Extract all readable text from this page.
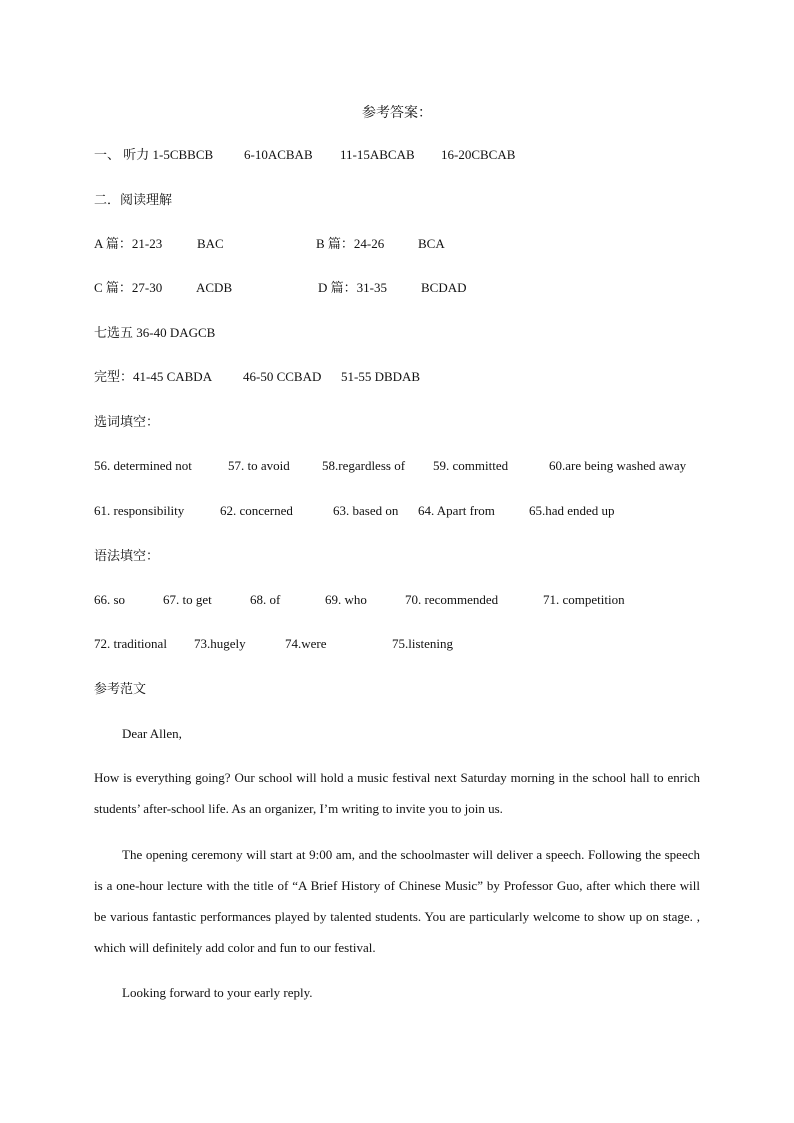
参考答案：
一、 听力 1-5CBBCB 6-10ACBAB 11-15ABCAB 16-20CBCAB
二．阅读理解
A 篇：21-23	BAC	B 篇：24-26	BCA
C 篇：27-30	ACDB	D 篇：31-35	BCDAD
七选五 36-40 DAGCB
完型：41-45 CABDA 46-50 CCBAD 51-55 DBDAB
选词填空：
56. determined not	57. to avoid 58.regardless of 59. committed	60.are being washed away
61. responsibility	62. concerned	63. based on 64. Apart from	65.had ended up
语法填空：
66. so	67. to get	68. of	69. who	70. recommended	71. competition
72. traditional 73.hugely	74.were	75.listening
参考范文
Dear Allen,
How is everything going? Our school will hold a music festival next Saturday morning in the school hall to enrich students’ after-school life. As an organizer, I’m writing to invite you to join us.
The opening ceremony will start at 9:00 am, and the schoolmaster will deliver a speech. Following the speech is a one-hour lecture with the title of “A Brief History of Chinese Music” by Professor Guo, after which there will be various fantastic performances played by talented students. You are particularly welcome to show up on stage. , which will definitely add color and fun to our festival.
Looking forward to your early reply.
